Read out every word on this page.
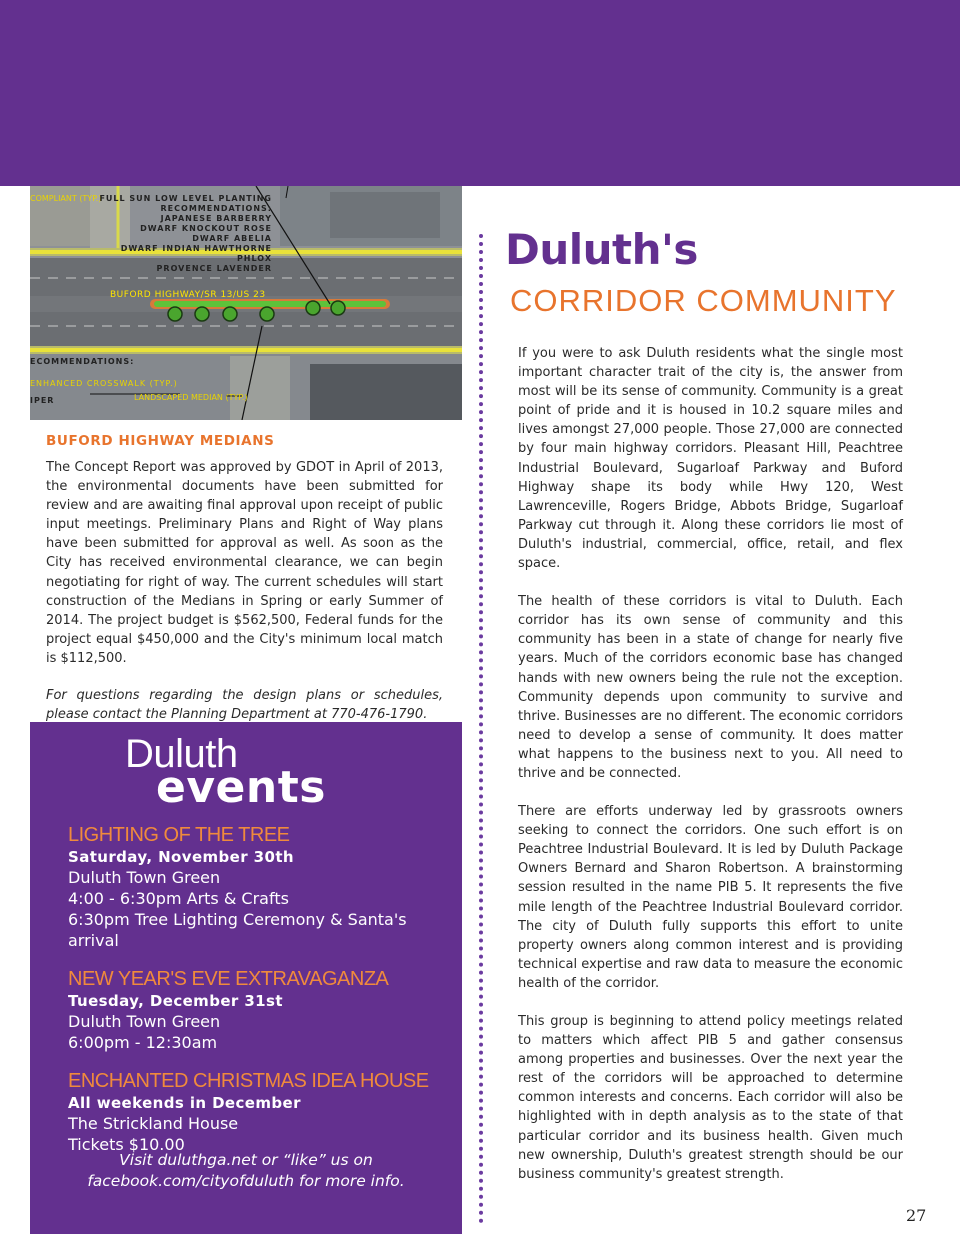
COMPLIANT (TYP.)
FULL SUN LOW LEVEL PLANTING
RECOMMENDATIONS:
JAPANESE BARBERRY
DWARF KNOCKOUT ROSE
DWARF ABELIA
DWARF INDIAN HAWTHORNE
PHLOX
PROVENCE LAVENDER
BUFORD HIGHWAY/SR 13/US 23
ECOMMENDATIONS:
ENHANCED CROSSWALK (TYP.)
IPER	LANDSCAPED MEDIAN (TYP.)
BUFORD HIGHWAY MEDIANS

The Concept Report was approved by GDOT in April of 2013, the environmental documents have been submitted for review and are awaiting final approval upon receipt of public input meetings. Preliminary Plans and Right of Way plans have been submitted for approval as well. As soon as the City has received environmental clearance, we can begin negotiating for right of way. The current schedules will start construction of the Medians in Spring or early Summer of 2014. The project budget is $562,500, Federal funds for the project equal $450,000 and the City's minimum local match is $112,500.

For questions regarding the design plans or schedules, please contact the Planning Department at 770-476-1790.

Duluth
events
LIGHTING OF THE TREE
Saturday, November 30th
Duluth Town Green
4:00 - 6:30pm Arts & Crafts
6:30pm Tree Lighting Ceremony & Santa's arrival
NEW YEAR'S EVE EXTRAVAGANZA
Tuesday, December 31st
Duluth Town Green
6:00pm - 12:30am
ENCHANTED CHRISTMAS IDEA HOUSE
All weekends in December
The Strickland House
Tickets $10.00
Visit duluthga.net or “like” us on
facebook.com/cityofduluth for more info.
Duluth's
CORRIDOR COMMUNITY

If you were to ask Duluth residents what the single most important character trait of the city is, the answer from most will be its sense of community. Community is a great point of pride and it is housed in 10.2 square miles and lives amongst 27,000 people. Those 27,000 are connected by four main highway corridors. Pleasant Hill, Peachtree Industrial Boulevard, Sugarloaf Parkway and Buford Highway shape its body while Hwy 120, West Lawrenceville, Rogers Bridge, Abbots Bridge, Sugarloaf Parkway cut through it. Along these corridors lie most of Duluth's industrial, commercial, office, retail, and flex space.

The health of these corridors is vital to Duluth. Each corridor has its own sense of community and this community has been in a state of change for nearly five years. Much of the corridors economic base has changed hands with new owners being the rule not the exception. Community depends upon community to survive and thrive. Businesses are no different. The economic corridors need to develop a sense of community. It does matter what happens to the business next to you. All need to thrive and be connected.

There are efforts underway led by grassroots owners seeking to connect the corridors. One such effort is on Peachtree Industrial Boulevard. It is led by Duluth Package Owners Bernard and Sharon Robertson. A brainstorming session resulted in the name PIB 5. It represents the five mile length of the Peachtree Industrial Boulevard corridor. The city of Duluth fully supports this effort to unite property owners along common interest and is providing technical expertise and raw data to measure the economic health of the corridor.

This group is beginning to attend policy meetings related to matters which affect PIB 5 and gather consensus among properties and businesses. Over the next year the rest of the corridors will be approached to determine common interests and concerns. Each corridor will also be highlighted with in depth analysis as to the state of that particular corridor and its business health. Given much new ownership, Duluth's greatest strength should be our business community's greatest strength.

27
